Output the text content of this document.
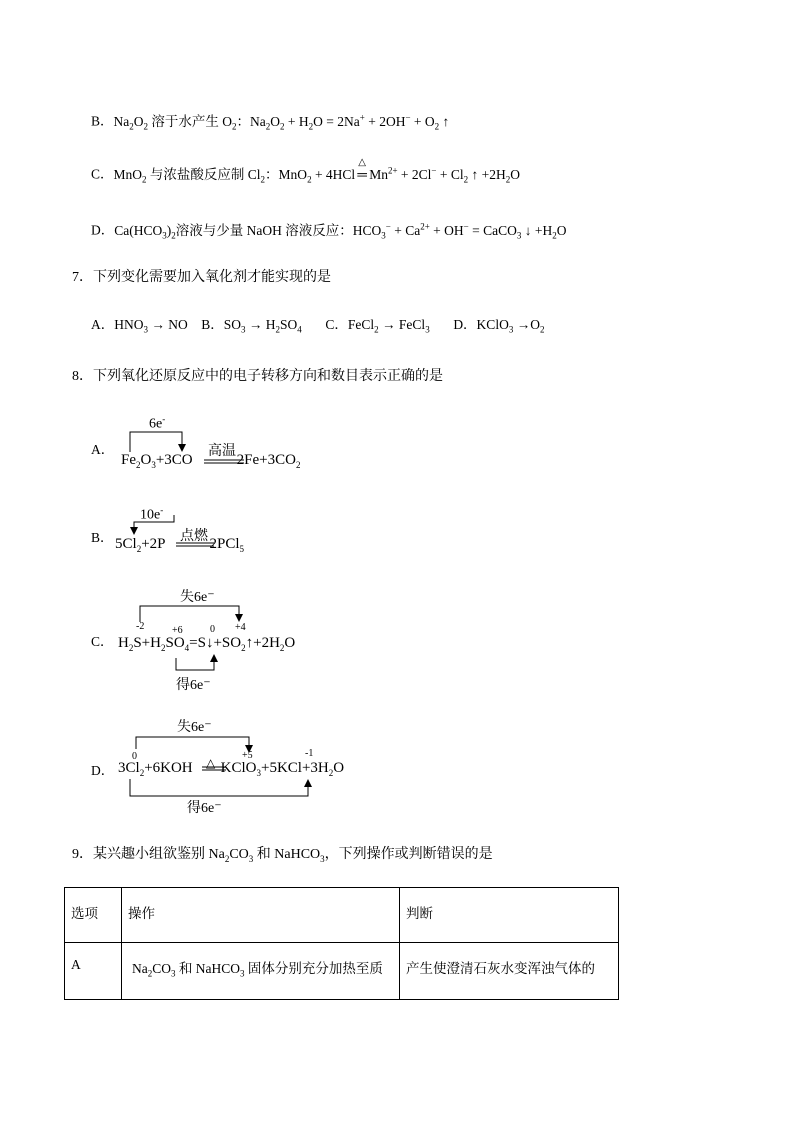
B．$Na_2O_2$ 溶于水产生 $O_2$：$Na_2O_2 + H_2O = 2Na^+ + 2OH^- + O_2$ ↑
C．MnO$_2$ 与浓盐酸反应制 $Cl_2$：MnO$_2$ + 4HCl
△
═ $Mn^{2+} + 2Cl^- + Cl_2$ ↑ $+2H_2O$
D．$Ca(HCO_3)_2$溶液与少量 NaOH 溶液反应：$HCO_3^- + Ca^{2+} + OH^-$ = CaCO$_3$ ↓ $+H_2O$
7．下列变化需要加入氧化剂才能实现的是
A．$HNO_3$ → NO B．$SO_3 \to H_2SO_4$ C．FeCl$_2$ → FeCl$_3$ D．KClO$_3$ $\to O_2$
8．下列氧化还原反应中的电子转移方向和数目表示正确的是
A．
6e-
高温
$Fe_2O_3+3CO$	$2Fe+3CO_2$
B．
10e-
点燃
$5Cl_2+2P$	2PCl$_5$
C．
失6e⁻
-2	+6	0 +4
$H_2S+H_2SO_4=S↓+SO_2↑+2H_2O$
得6e⁻
D．
失6e⁻
0	+5	-1
△
$3Cl_2+6KOH$ $KClO_3+5KCl+3H_2O$
得6e⁻
9．某兴趣小组欲鉴别 $Na_2CO_3$ 和 NaHCO$_3$，下列操作或判断错误的是
选项	操作	判断
A	$Na_2CO_3$ 和 NaHCO$_3$ 固体分别充分加热至质	产生使澄清石灰水变浑浊气体的
